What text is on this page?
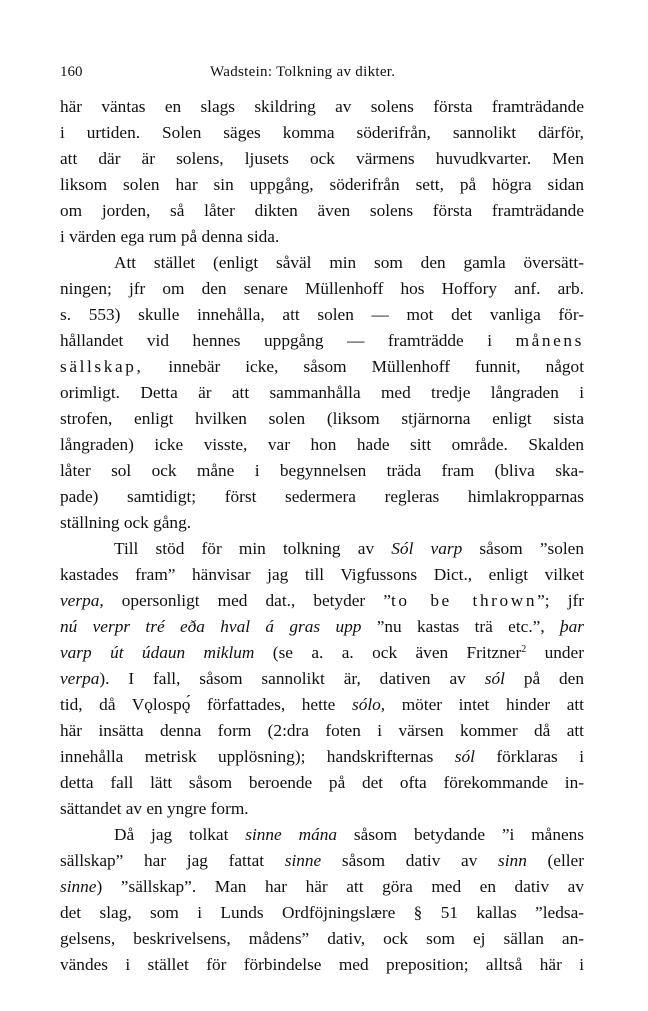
160	Wadstein: Tolkning av dikter.
här väntas en slags skildring av solens första framträdande
i urtiden. Solen säges komma söderifrån, sannolikt därför,
att där är solens, ljusets ock värmens huvudkvarter. Men
liksom solen har sin uppgång, söderifrån sett, på högra sidan
om jorden, så låter dikten även solens första framträdande
i värden ega rum på denna sida.
Att stället (enligt såväl min som den gamla översätt-
ningen; jfr om den senare Müllenhoff hos Hoffory anf. arb.
s. 553) skulle innehålla, att solen — mot det vanliga för-
hållandet vid hennes uppgång — framträdde i månens
sällskap, innebär icke, såsom Müllenhoff funnit, något
orimligt. Detta är att sammanhålla med tredje långraden i
strofen, enligt hvilken solen (liksom stjärnorna enligt sista
långraden) icke visste, var hon hade sitt område. Skalden
låter sol ock måne i begynnelsen träda fram (bliva ska-
pade) samtidigt; först sedermera regleras himlakropparnas
ställning ock gång.
Till stöd för min tolkning av Sól varp såsom ”solen
kastades fram” hänvisar jag till Vigfussons Dict., enligt vilket
verpa, opersonligt med dat., betyder ”to be thrown”; jfr
nú verpr tré eða hval á gras upp ”nu kastas trä etc.”, þar
varp út údaun miklum (se a. a. ock även Fritzner$^2$ under
verpa). I fall, såsom sannolikt är, dativen av sól på den
tid, då Vǫlospǫ́ författades, hette sólo, möter intet hinder att
här insätta denna form (2:dra foten i värsen kommer då att
innehålla metrisk upplösning); handskrifternas sól förklaras i
detta fall lätt såsom beroende på det ofta förekommande in-
sättandet av en yngre form.
Då jag tolkat sinne mána såsom betydande ”i månens
sällskap” har jag fattat sinne såsom dativ av sinn (eller
sinne) ”sällskap”. Man har här att göra med en dativ av
det slag, som i Lunds Ordföjningslære § 51 kallas ”ledsa-
gelsens, beskrivelsens, mådens” dativ, ock som ej sällan an-
vändes i stället för förbindelse med preposition; alltså här i
